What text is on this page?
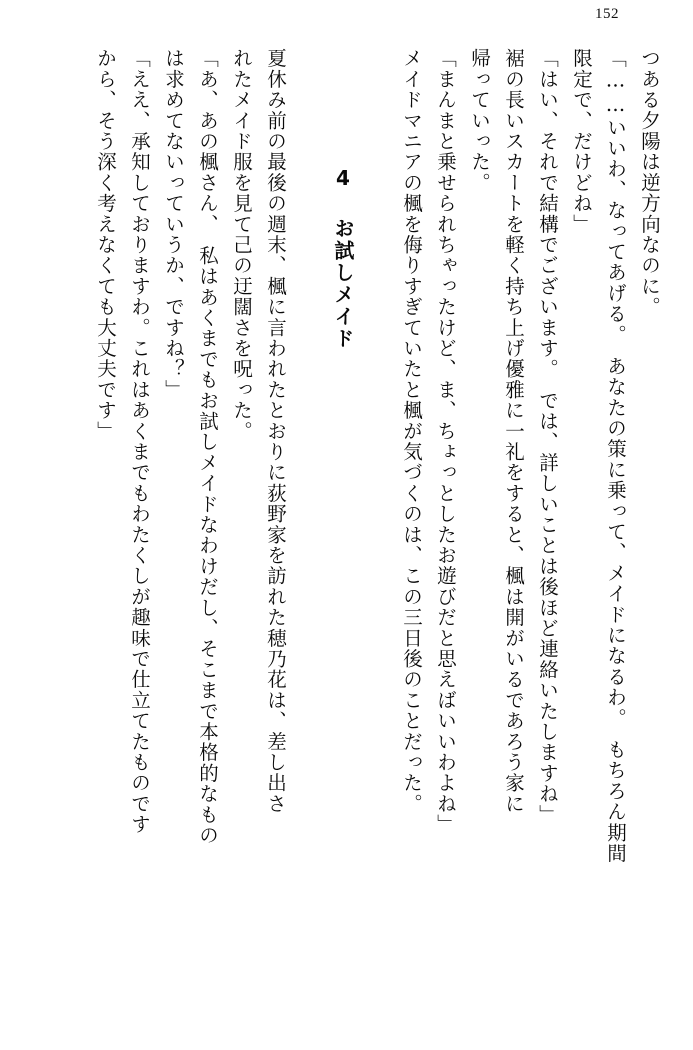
152
つある夕陽は逆方向なのに。
「……いいわ、なってあげる。　あなたの策に乗って、メイドになるわ。　もちろん期間
限定で、だけどね」
「はい、それで結構でございます。　では、詳しいことは後ほど連絡いたしますね」
裾の長いスカートを軽く持ち上げ優雅に一礼をすると、楓は開がいるであろう家に
帰っていった。
「まんまと乗せられちゃったけど、ま、ちょっとしたお遊びだと思えばいいわよね」
メイドマニアの楓を侮りすぎていたと楓が気づくのは、この三日後のことだった。
4 お試しメイド
夏休み前の最後の週末、楓に言われたとおりに荻野家を訪れた穂乃花は、差し出さ
れたメイド服を見て己の迂闊さを呪った。
「あ、あの楓さん、　私はあくまでもお試しメイドなわけだし、そこまで本格的なもの
は求めてないっていうか、ですね？」
「ええ、承知しておりますわ。これはあくまでもわたくしが趣味で仕立てたものです
から、そう深く考えなくても大丈夫です」
